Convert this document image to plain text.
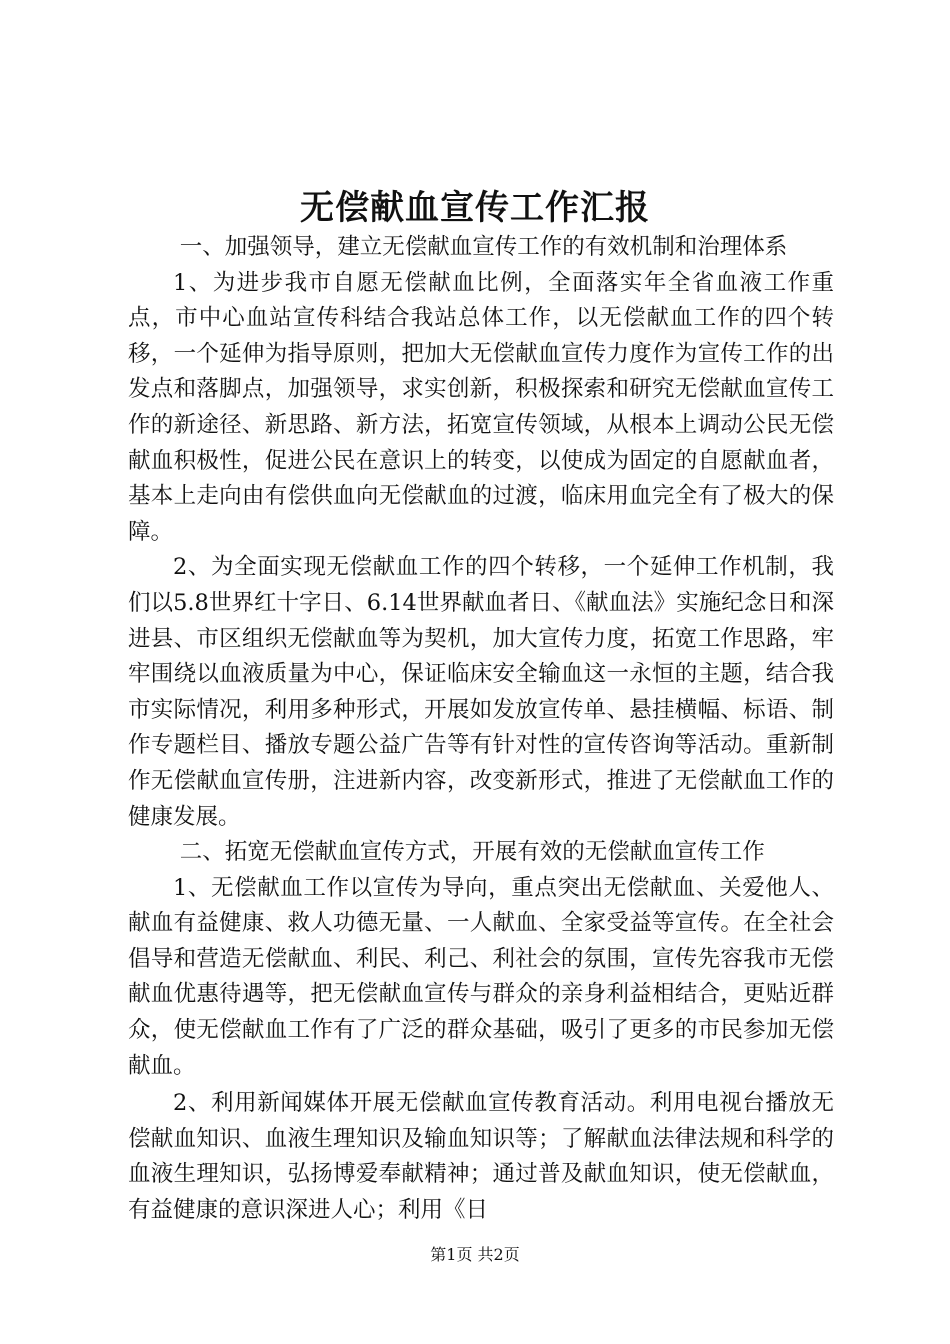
无偿献血宣传工作汇报

一、加强领导，建立无偿献血宣传工作的有效机制和治理体系

1、为进步我市自愿无偿献血比例，全面落实年全省血液工作重点，市中心血站宣传科结合我站总体工作，以无偿献血工作的四个转移，一个延伸为指导原则，把加大无偿献血宣传力度作为宣传工作的出发点和落脚点，加强领导，求实创新，积极探索和研究无偿献血宣传工作的新途径、新思路、新方法，拓宽宣传领域，从根本上调动公民无偿献血积极性，促进公民在意识上的转变，以使成为固定的自愿献血者，基本上走向由有偿供血向无偿献血的过渡，临床用血完全有了极大的保障。

2、为全面实现无偿献血工作的四个转移，一个延伸工作机制，我们以5.8世界红十字日、6.14世界献血者日、《献血法》实施纪念日和深进县、市区组织无偿献血等为契机，加大宣传力度，拓宽工作思路，牢牢围绕以血液质量为中心，保证临床安全输血这一永恒的主题，结合我市实际情况，利用多种形式，开展如发放宣传单、悬挂横幅、标语、制作专题栏目、播放专题公益广告等有针对性的宣传咨询等活动。重新制作无偿献血宣传册，注进新内容，改变新形式，推进了无偿献血工作的健康发展。

二、拓宽无偿献血宣传方式，开展有效的无偿献血宣传工作

1、无偿献血工作以宣传为导向，重点突出无偿献血、关爱他人、献血有益健康、救人功德无量、一人献血、全家受益等宣传。在全社会倡导和营造无偿献血、利民、利己、利社会的氛围，宣传先容我市无偿献血优惠待遇等，把无偿献血宣传与群众的亲身利益相结合，更贴近群众，使无偿献血工作有了广泛的群众基础，吸引了更多的市民参加无偿献血。

2、利用新闻媒体开展无偿献血宣传教育活动。利用电视台播放无偿献血知识、血液生理知识及输血知识等；了解献血法律法规和科学的血液生理知识，弘扬博爱奉献精神；通过普及献血知识，使无偿献血，有益健康的意识深进人心；利用《日

第1页 共2页
